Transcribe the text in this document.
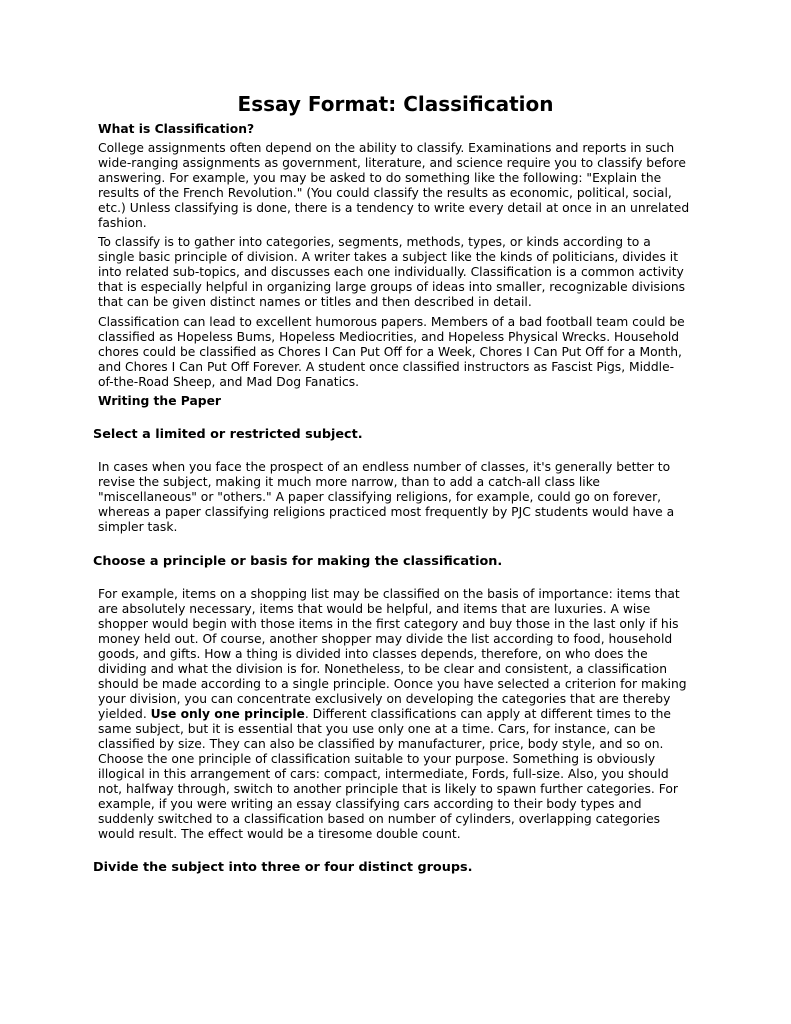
Essay Format: Classification
What is Classification?

College assignments often depend on the ability to classify. Examinations and reports in such
wide-ranging assignments as government, literature, and science require you to classify before
answering. For example, you may be asked to do something like the following: "Explain the
results of the French Revolution." (You could classify the results as economic, political, social,
etc.) Unless classifying is done, there is a tendency to write every detail at once in an unrelated
fashion.

To classify is to gather into categories, segments, methods, types, or kinds according to a
single basic principle of division. A writer takes a subject like the kinds of politicians, divides it
into related sub-topics, and discusses each one individually. Classification is a common activity
that is especially helpful in organizing large groups of ideas into smaller, recognizable divisions
that can be given distinct names or titles and then described in detail.

Classification can lead to excellent humorous papers. Members of a bad football team could be
classified as Hopeless Bums, Hopeless Mediocrities, and Hopeless Physical Wrecks. Household
chores could be classified as Chores I Can Put Off for a Week, Chores I Can Put Off for a Month,
and Chores I Can Put Off Forever. A student once classified instructors as Fascist Pigs, Middle-
of-the-Road Sheep, and Mad Dog Fanatics.

Writing the Paper
Select a limited or restricted subject.

In cases when you face the prospect of an endless number of classes, it's generally better to
revise the subject, making it much more narrow, than to add a catch-all class like
"miscellaneous" or "others." A paper classifying religions, for example, could go on forever,
whereas a paper classifying religions practiced most frequently by PJC students would have a
simpler task.

Choose a principle or basis for making the classification.

For example, items on a shopping list may be classified on the basis of importance: items that
are absolutely necessary, items that would be helpful, and items that are luxuries. A wise
shopper would begin with those items in the first category and buy those in the last only if his
money held out. Of course, another shopper may divide the list according to food, household
goods, and gifts. How a thing is divided into classes depends, therefore, on who does the
dividing and what the division is for. Nonetheless, to be clear and consistent, a classification
should be made according to a single principle. Oonce you have selected a criterion for making
your division, you can concentrate exclusively on developing the categories that are thereby
yielded. Use only one principle. Different classifications can apply at different times to the
same subject, but it is essential that you use only one at a time. Cars, for instance, can be
classified by size. They can also be classified by manufacturer, price, body style, and so on.
Choose the one principle of classification suitable to your purpose. Something is obviously
illogical in this arrangement of cars: compact, intermediate, Fords, full-size. Also, you should
not, halfway through, switch to another principle that is likely to spawn further categories. For
example, if you were writing an essay classifying cars according to their body types and
suddenly switched to a classification based on number of cylinders, overlapping categories
would result. The effect would be a tiresome double count.

Divide the subject into three or four distinct groups.
